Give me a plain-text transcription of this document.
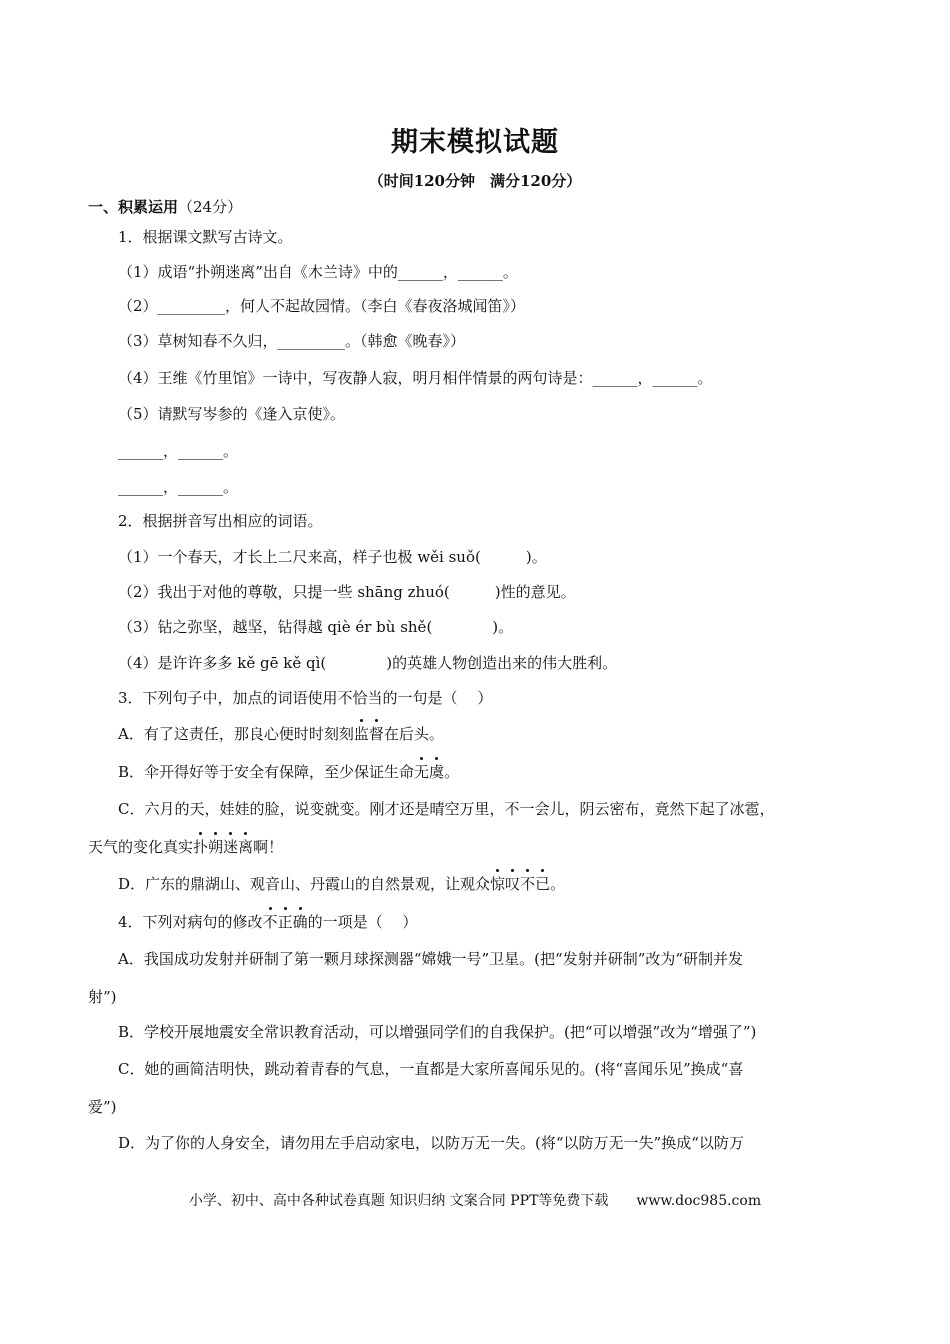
期末模拟试题
（时间120分钟　满分120分）
一、积累运用（24分）
1．根据课文默写古诗文。
（1）成语“扑朔迷离”出自《木兰诗》中的______，______。
（2）_________，何人不起故园情。（李白《春夜洛城闻笛》）
（3）草树知春不久归，_________。（韩愈《晚春》）
（4）王维《竹里馆》一诗中，写夜静人寂，明月相伴情景的两句诗是：______，______。
（5）请默写岑参的《逢入京使》。
______，______。
______，______。
2．根据拼音写出相应的词语。
（1）一个春天，才长上二尺来高，样子也极 wěi suǒ(　　　)。
（2）我出于对他的尊敬，只提一些 shāng zhuó(　　　)性的意见。
（3）钻之弥坚，越坚，钻得越 qiè ér bù shě(　　　　)。
（4）是许许多多 kě gē kě qì(　　　　)的英雄人物创造出来的伟大胜利。
3．下列句子中，加点的词语使用不恰当的一句是（　 ）
A．有了这责任，那良心便时时刻刻监督在后头。
B．伞开得好等于安全有保障，至少保证生命无虞。
C．六月的天，娃娃的脸，说变就变。刚才还是晴空万里，不一会儿，阴云密布，竟然下起了冰雹，
天气的变化真实扑朔迷离啊！
D．广东的鼎湖山、观音山、丹霞山的自然景观，让观众惊叹不已。
4．下列对病句的修改不正确的一项是（　 ）
A．我国成功发射并研制了第一颗月球探测器“嫦娥一号”卫星。(把“发射并研制”改为“研制并发
射”)
B．学校开展地震安全常识教育活动，可以增强同学们的自我保护。(把“可以增强”改为“增强了”)
C．她的画简洁明快，跳动着青春的气息，一直都是大家所喜闻乐见的。(将“喜闻乐见”换成“喜
爱”)
D．为了你的人身安全，请勿用左手启动家电，以防万无一失。(将“以防万无一失”换成“以防万
小学、初中、高中各种试卷真题 知识归纳 文案合同 PPT等免费下载　　www.doc985.com
